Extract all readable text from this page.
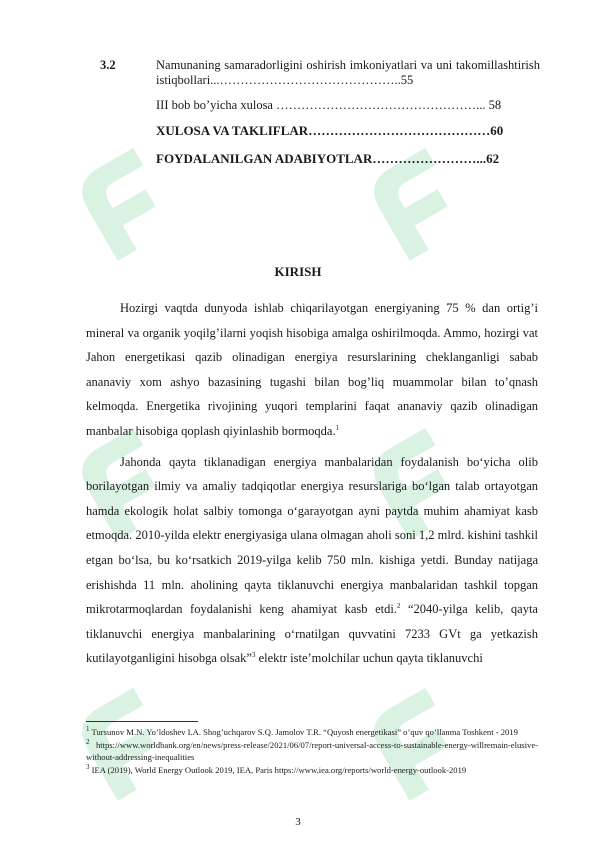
3.2	Namunaning samaradorligini oshirish imkoniyatlari va uni takomillashtirish istiqbollari...……………………………………..55
III bob bo’yicha xulosa …………………………………………... 58
XULOSA VA TAKLIFLAR……………………………………60
FOYDALANILGAN ADABIYOTLAR……………………...62
KIRISH

Hozirgi vaqtda dunyoda ishlab chiqarilayotgan energiyaning 75 % dan ortig’i mineral va organik yoqilg’ilarni yoqish hisobiga amalga oshirilmoqda. Ammo, hozirgi vat Jahon energetikasi qazib olinadigan energiya resurslarining cheklanganligi sabab ananaviy xom ashyo bazasining tugashi bilan bog’liq muammolar bilan to’qnash kelmoqda. Energetika rivojining yuqori templarini faqat ananaviy qazib olinadigan manbalar hisobiga qoplash qiyinlashib bormoqda.$^1$

Jahonda qayta tiklanadigan energiya manbalaridan foydalanish bo‘yicha olib borilayotgan ilmiy va amaliy tadqiqotlar energiya resurslariga bo‘lgan talab ortayotgan hamda ekologik holat salbiy tomonga o‘garayotgan ayni paytda muhim ahamiyat kasb etmoqda. 2010-yilda elektr energiyasiga ulana olmagan aholi soni 1,2 mlrd. kishini tashkil etgan bo‘lsa, bu ko‘rsatkich 2019-yilga kelib 750 mln. kishiga yetdi. Bunday natijaga erishishda 11 mln. aholining qayta tiklanuvchi energiya manbalaridan tashkil topgan mikrotarmoqlardan foydalanishi keng ahamiyat kasb etdi.$^2$ “2040-yilga kelib, qayta tiklanuvchi energiya manbalarining o‘rnatilgan quvvatini 7233 GVt ga yetkazish kutilayotganligini hisobga olsak”$^3$ elektr iste’molchilar uchun qayta tiklanuvchi

$^1$ Tursunov M.N. Yo’ldoshev I.A. Shog’uchqarov S.Q. Jamolov T.R. “Quyosh energetikasi” o’quv qo’llanma Toshkent - 2019
$^2$ https://www.worldbank.org/en/news/press-release/2021/06/07/report-universal-access-to-sustainable-energy-willremain-elusive-without-addressing-inequalities
$^3$ IEA (2019), World Energy Outlook 2019, IEA, Paris https://www.iea.org/reports/world-energy-outlook-2019
3
